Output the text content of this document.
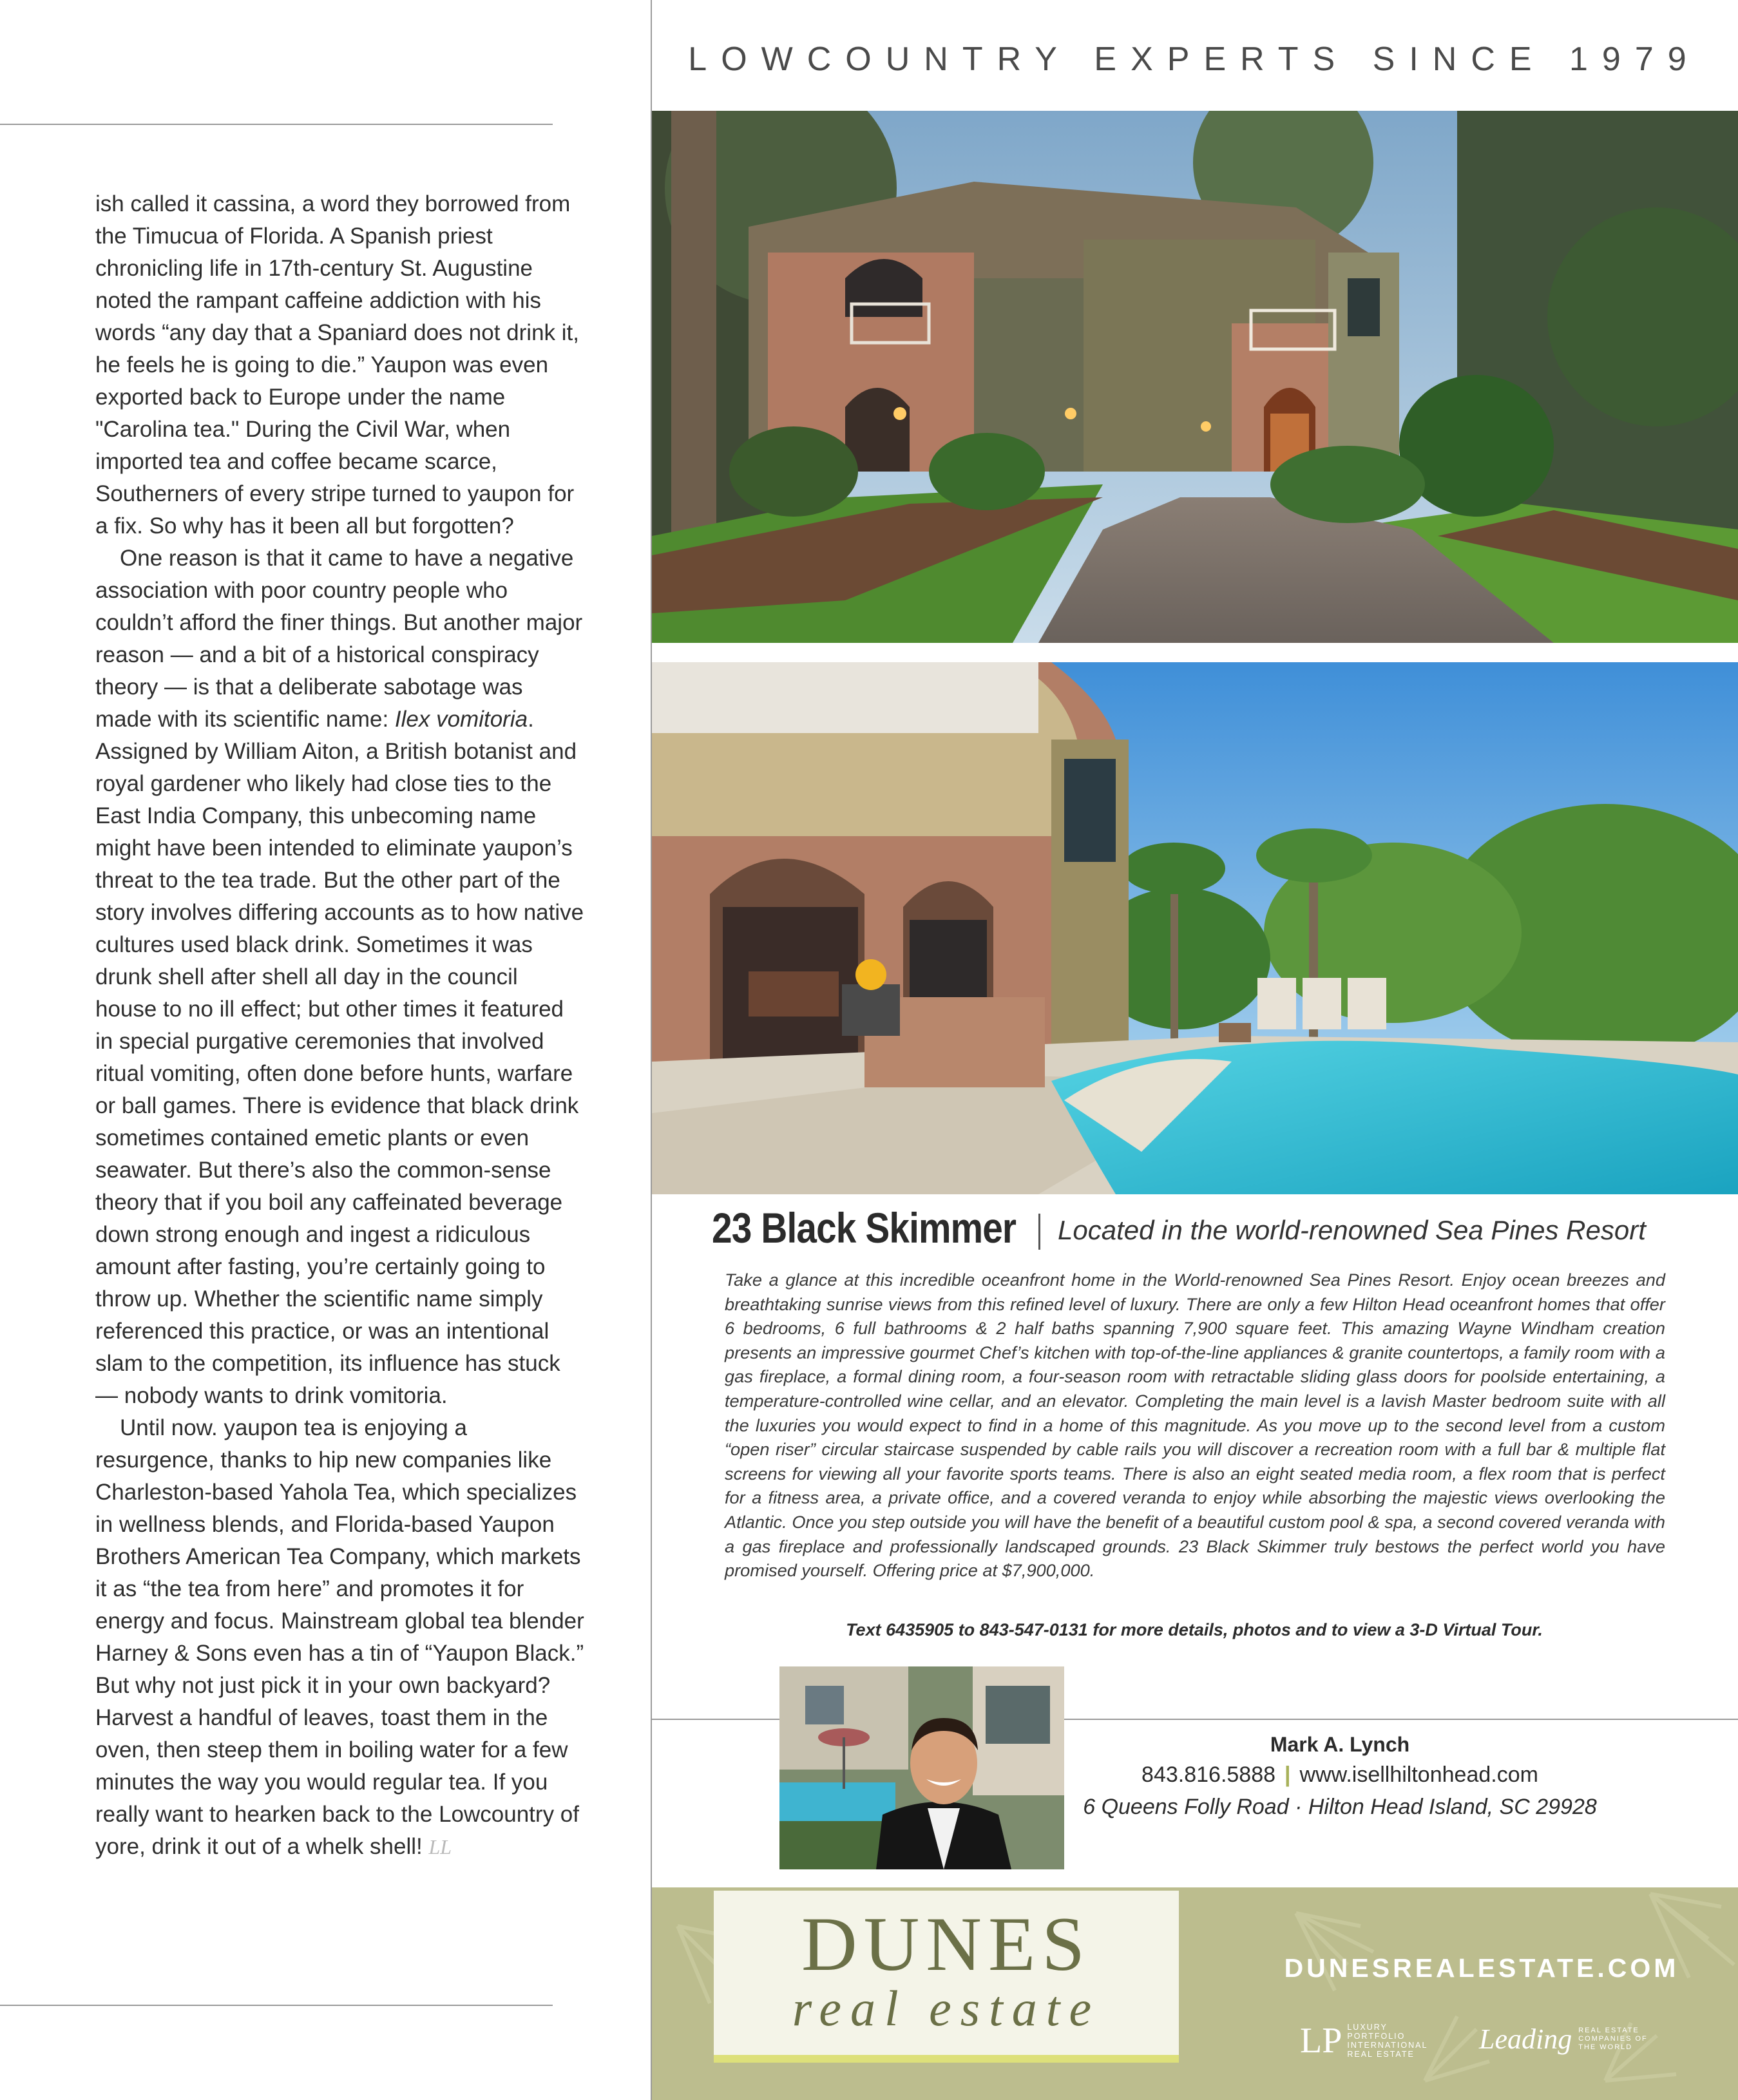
ish called it cassina, a word they borrowed from the Timucua of Florida. A Spanish priest chronicling life in 17th-century St. Augustine noted the rampant caffeine addiction with his words “any day that a Spaniard does not drink it, he feels he is going to die.” Yaupon was even exported back to Europe under the name "Carolina tea." During the Civil War, when imported tea and coffee became scarce, Southerners of every stripe turned to yaupon for a fix. So why has it been all but forgotten?

One reason is that it came to have a negative association with poor country people who couldn’t afford the finer things. But another major reason — and a bit of a historical conspiracy theory — is that a deliberate sabotage was made with its scientific name: Ilex vomitoria. Assigned by William Aiton, a British botanist and royal gardener who likely had close ties to the East India Company, this unbecoming name might have been intended to eliminate yaupon’s threat to the tea trade. But the other part of the story involves differing accounts as to how native cultures used black drink. Sometimes it was drunk shell after shell all day in the council house to no ill effect; but other times it featured in special purgative ceremonies that involved ritual vomiting, often done before hunts, warfare or ball games. There is evidence that black drink sometimes contained emetic plants or even seawater. But there’s also the common-sense theory that if you boil any caffeinated beverage down strong enough and ingest a ridiculous amount after fasting, you’re certainly going to throw up. Whether the scientific name simply referenced this practice, or was an intentional slam to the competition, its influence has stuck — nobody wants to drink vomitoria.

Until now. yaupon tea is enjoying a resurgence, thanks to hip new companies like Charleston-based Yahola Tea, which specializes in wellness blends, and Florida-based Yaupon Brothers American Tea Company, which markets it as “the tea from here” and promotes it for energy and focus. Mainstream global tea blender Harney & Sons even has a tin of “Yaupon Black.” But why not just pick it in your own backyard? Harvest a handful of leaves, toast them in the oven, then steep them in boiling water for a few minutes the way you would regular tea. If you really want to hearken back to the Lowcountry of yore, drink it out of a whelk shell! LL

LOWCOUNTRY EXPERTS SINCE 1979
23 Black Skimmer Located in the world-renowned Sea Pines Resort
Take a glance at this incredible oceanfront home in the World-renowned Sea Pines Resort. Enjoy ocean breezes and breathtaking sunrise views from this refined level of luxury. There are only a few Hilton Head oceanfront homes that offer 6 bedrooms, 6 full bathrooms & 2 half baths spanning 7,900 square feet. This amazing Wayne Windham creation presents an impressive gourmet Chef’s kitchen with top-of-the-line appliances & granite countertops, a family room with a gas fireplace, a formal dining room, a four-season room with retractable sliding glass doors for poolside entertaining, a temperature-controlled wine cellar, and an elevator. Completing the main level is a lavish Master bedroom suite with all the luxuries you would expect to find in a home of this magnitude. As you move up to the second level from a custom “open riser” circular staircase suspended by cable rails you will discover a recreation room with a full bar & multiple flat screens for viewing all your favorite sports teams. There is also an eight seated media room, a flex room that is perfect for a fitness area, a private office, and a covered veranda to enjoy while absorbing the majestic views overlooking the Atlantic. Once you step outside you will have the benefit of a beautiful custom pool & spa, a second covered veranda with a gas fireplace and professionally landscaped grounds. 23 Black Skimmer truly bestows the perfect world you have promised yourself. Offering price at $7,900,000.
Text 6435905 to 843-547-0131 for more details, photos and to view a 3-D Virtual Tour.
Mark A. Lynch
843.816.5888 | www.isellhiltonhead.com
6 Queens Folly Road · Hilton Head Island, SC 29928
DUNES
real estate
DUNESREALESTATE.COM
LP LUXURY PORTFOLIO INTERNATIONAL REAL ESTATE	Leading REAL ESTATE COMPANIES OF THE WORLD
